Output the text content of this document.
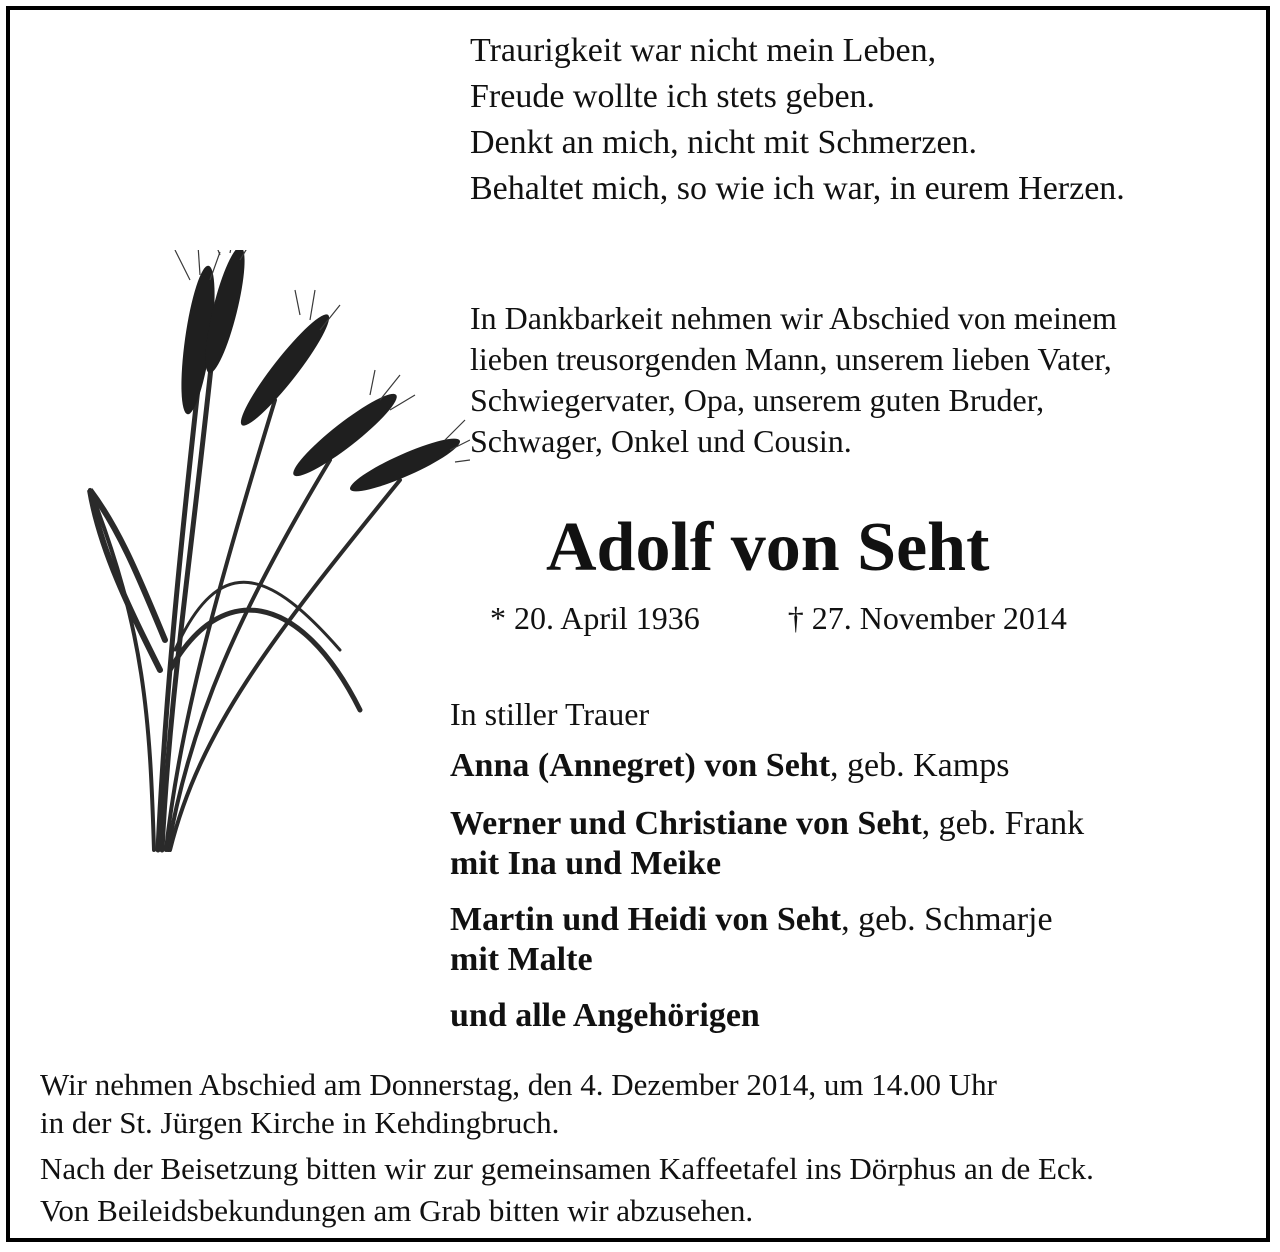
Traurigkeit war nicht mein Leben,
Freude wollte ich stets geben.
Denkt an mich, nicht mit Schmerzen.
Behaltet mich, so wie ich war, in eurem Herzen.
In Dankbarkeit nehmen wir Abschied von meinem
lieben treusorgenden Mann, unserem lieben Vater,
Schwiegervater, Opa, unserem guten Bruder,
Schwager, Onkel und Cousin.
Adolf von Seht
* 20. April 1936	† 27. November 2014
In stiller Trauer
Anna (Annegret) von Seht, geb. Kamps
Werner und Christiane von Seht, geb. Frank
mit Ina und Meike
Martin und Heidi von Seht, geb. Schmarje
mit Malte
und alle Angehörigen
Wir nehmen Abschied am Donnerstag, den 4. Dezember 2014, um 14.00 Uhr
in der St. Jürgen Kirche in Kehdingbruch.
Nach der Beisetzung bitten wir zur gemeinsamen Kaffeetafel ins Dörphus an de Eck.
Von Beileidsbekundungen am Grab bitten wir abzusehen.
